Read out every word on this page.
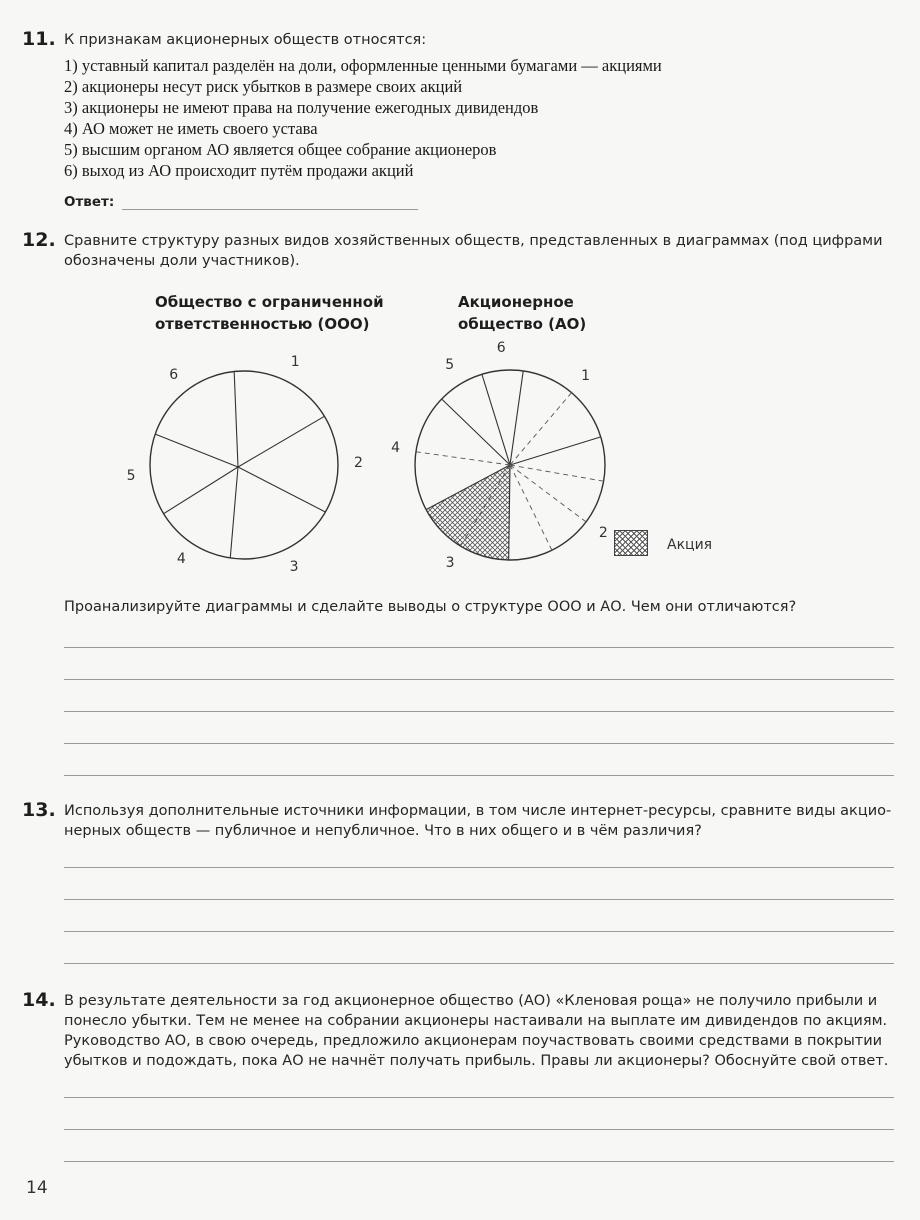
11. К признакам акционерных обществ относятся:
1) уставный капитал разделён на доли, оформленные ценными бумагами — акциями
2) акционеры несут риск убытков в размере своих акций
3) акционеры не имеют права на получение ежегодных дивидендов
4) АО может не иметь своего устава
5) высшим органом АО является общее собрание акционеров
6) выход из АО происходит путём продажи акций
Ответ:
12. Сравните структуру разных видов хозяйственных обществ, представленных в диаграммах (под цифрами
обозначены доли участников).
Общество с ограниченной
ответственностью (ООО)
Акционерное
общество (АО)
1
2
3
4
5
6	1
2
3
4
5
6
Акция
Проанализируйте диаграммы и сделайте выводы о структуре ООО и АО. Чем они отличаются?
13. Используя дополнительные источники информации, в том числе интернет-ресурсы, сравните виды акцио-
нерных обществ — публичное и непубличное. Что в них общего и в чём различия?
14. В результате деятельности за год акционерное общество (АО) «Кленовая роща» не получило прибыли и
понесло убытки. Тем не менее на собрании акционеры настаивали на выплате им дивидендов по акциям.
Руководство АО, в свою очередь, предложило акционерам поучаствовать своими средствами в покрытии
убытков и подождать, пока АО не начнёт получать прибыль. Правы ли акционеры? Обоснуйте свой ответ.
14
